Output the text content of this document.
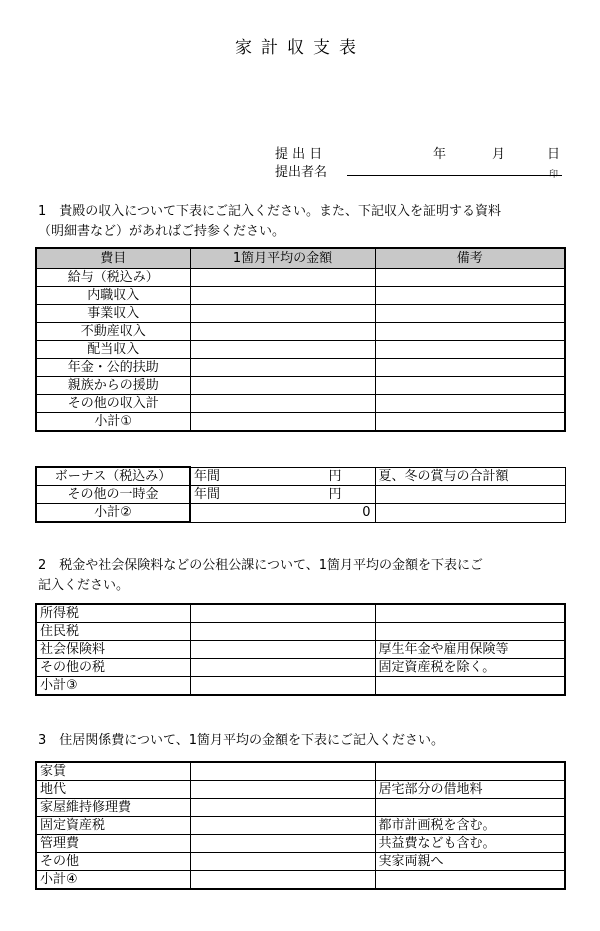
家計収支表
提 出 日	年	月	日
提出者名	印
1　貴殿の収入について下表にご記入ください。また、下記収入を証明する資料
（明細書など）があればご持参ください。
費目	1箇月平均の金額	備考
給与（税込み）		
内職収入		
事業収入		
不動産収入		
配当収入		
年金・公的扶助		
親族からの援助		
その他の収入計		
小計①		
ボーナス（税込み）	年間 円	夏、冬の賞与の合計額
その他の一時金	年間 円	

小計②	0	
2　税金や社会保険料などの公租公課について、1箇月平均の金額を下表にご
記入ください。
所得税		
住民税		
社会保険料		厚生年金や雇用保険等
その他の税		固定資産税を除く。
小計③		
3　住居関係費について、1箇月平均の金額を下表にご記入ください。
家賃		
地代		居宅部分の借地料
家屋維持修理費		
固定資産税		都市計画税を含む。
管理費		共益費なども含む。
その他		実家両親へ
小計④		
